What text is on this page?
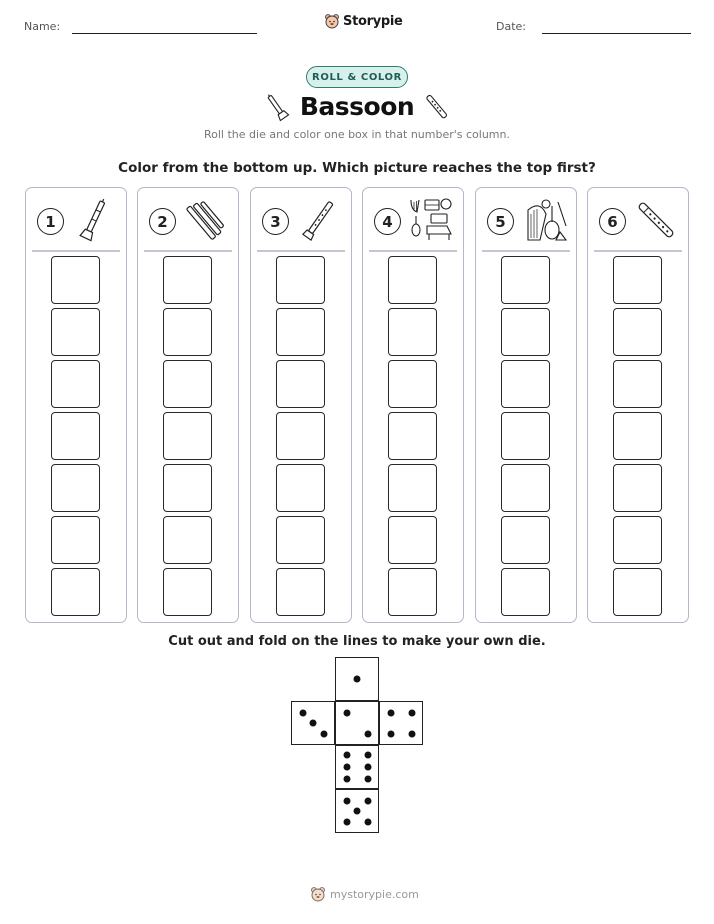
Name:	Storypie	Date:
ROLL & COLOR
Bassoon
Roll the die and color one box in that number's column.
Color from the bottom up. Which picture reaches the top first?
1	2	3	4	5	6
Cut out and fold on the lines to make your own die.
mystorypie.com
